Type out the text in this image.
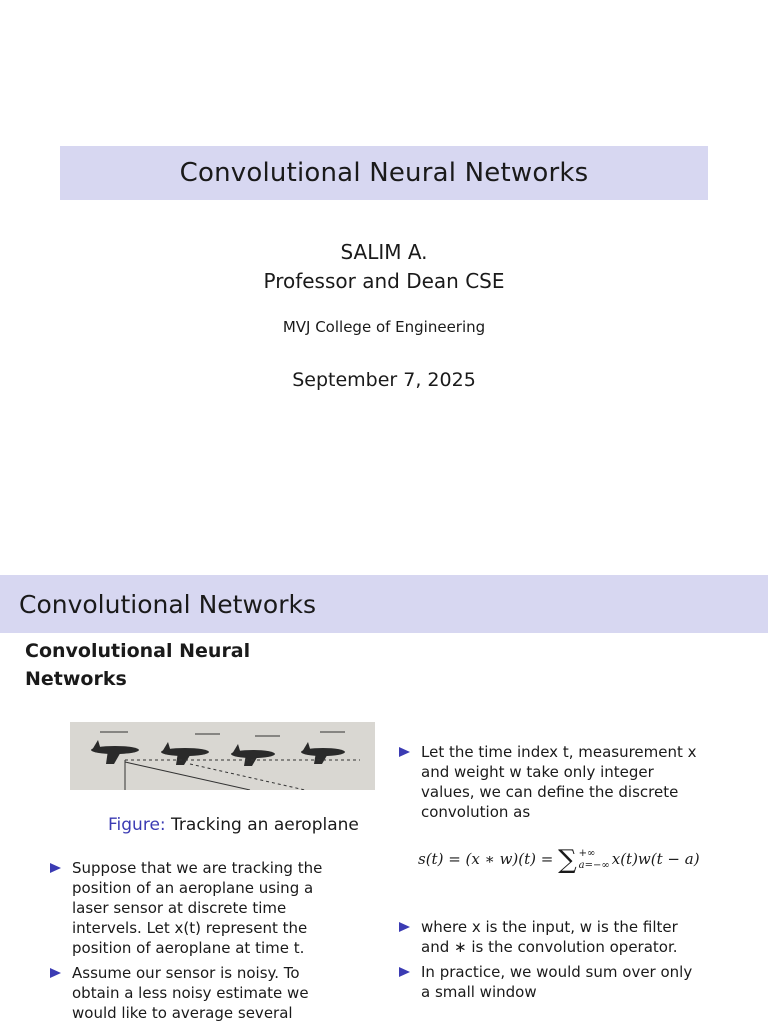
Convolutional Neural Networks
SALIM A.
Professor and Dean CSE
MVJ College of Engineering
September 7, 2025
Convolutional Networks
Convolutional Neural Networks
Figure: Tracking an aeroplane
Suppose that we are tracking the position of an aeroplane using a laser sensor at discrete time intervels. Let x(t) represent the position of aeroplane at time t.
Assume our sensor is noisy. To obtain a less noisy estimate we would like to average several
Let the time index t, measurement x and weight w take only integer values, we can define the discrete convolution as
s(t) = (x ∗ w)(t) = ∑ +∞
a=−∞ x(t)w(t − a)
where x is the input, w is the filter and ∗ is the convolution operator.
In practice, we would sum over only a small window
